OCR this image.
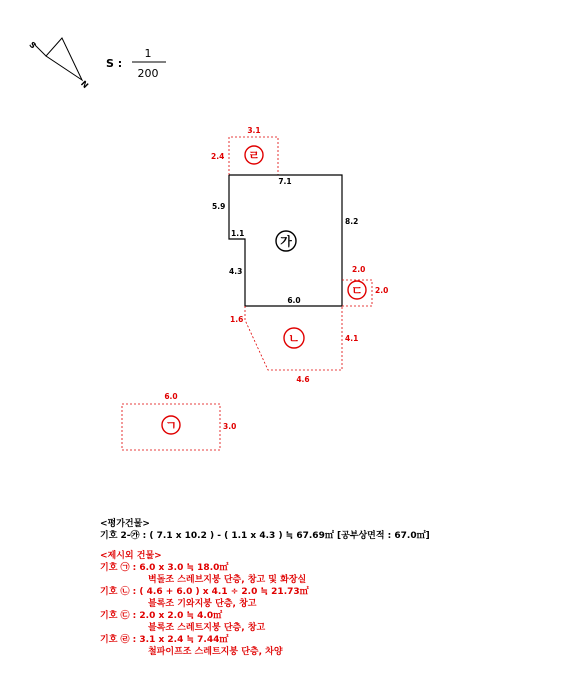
S
N
S :
1
200
3.1
2.4 ㄹ
7.1
5.9
1.1
4.3
8.2
6.0
가
2.0
2.0
ㄷ
1.6
4.1
4.6
ㄴ
6.0
3.0
ㄱ
<평가건물>
기호 2-㉮ : ( 7.1 x 10.2 ) - ( 1.1 x 4.3 ) ≒ 67.69㎡ [공부상면적 : 67.0㎡]
<제시외 건물>
기호 ㉠ : 6.0 x 3.0 ≒ 18.0㎡
벽돌조 스레브지붕 단층, 창고 및 화장실
기호 ㉡ : ( 4.6 + 6.0 ) x 4.1 ÷ 2.0 ≒ 21.73㎡
블록조 기와지붕 단층, 창고
기호 ㉢ : 2.0 x 2.0 ≒ 4.0㎡
블록조 스레트지붕 단층, 창고
기호 ㉣ : 3.1 x 2.4 ≒ 7.44㎡
철파이프조 스레트지붕 단층, 차양
